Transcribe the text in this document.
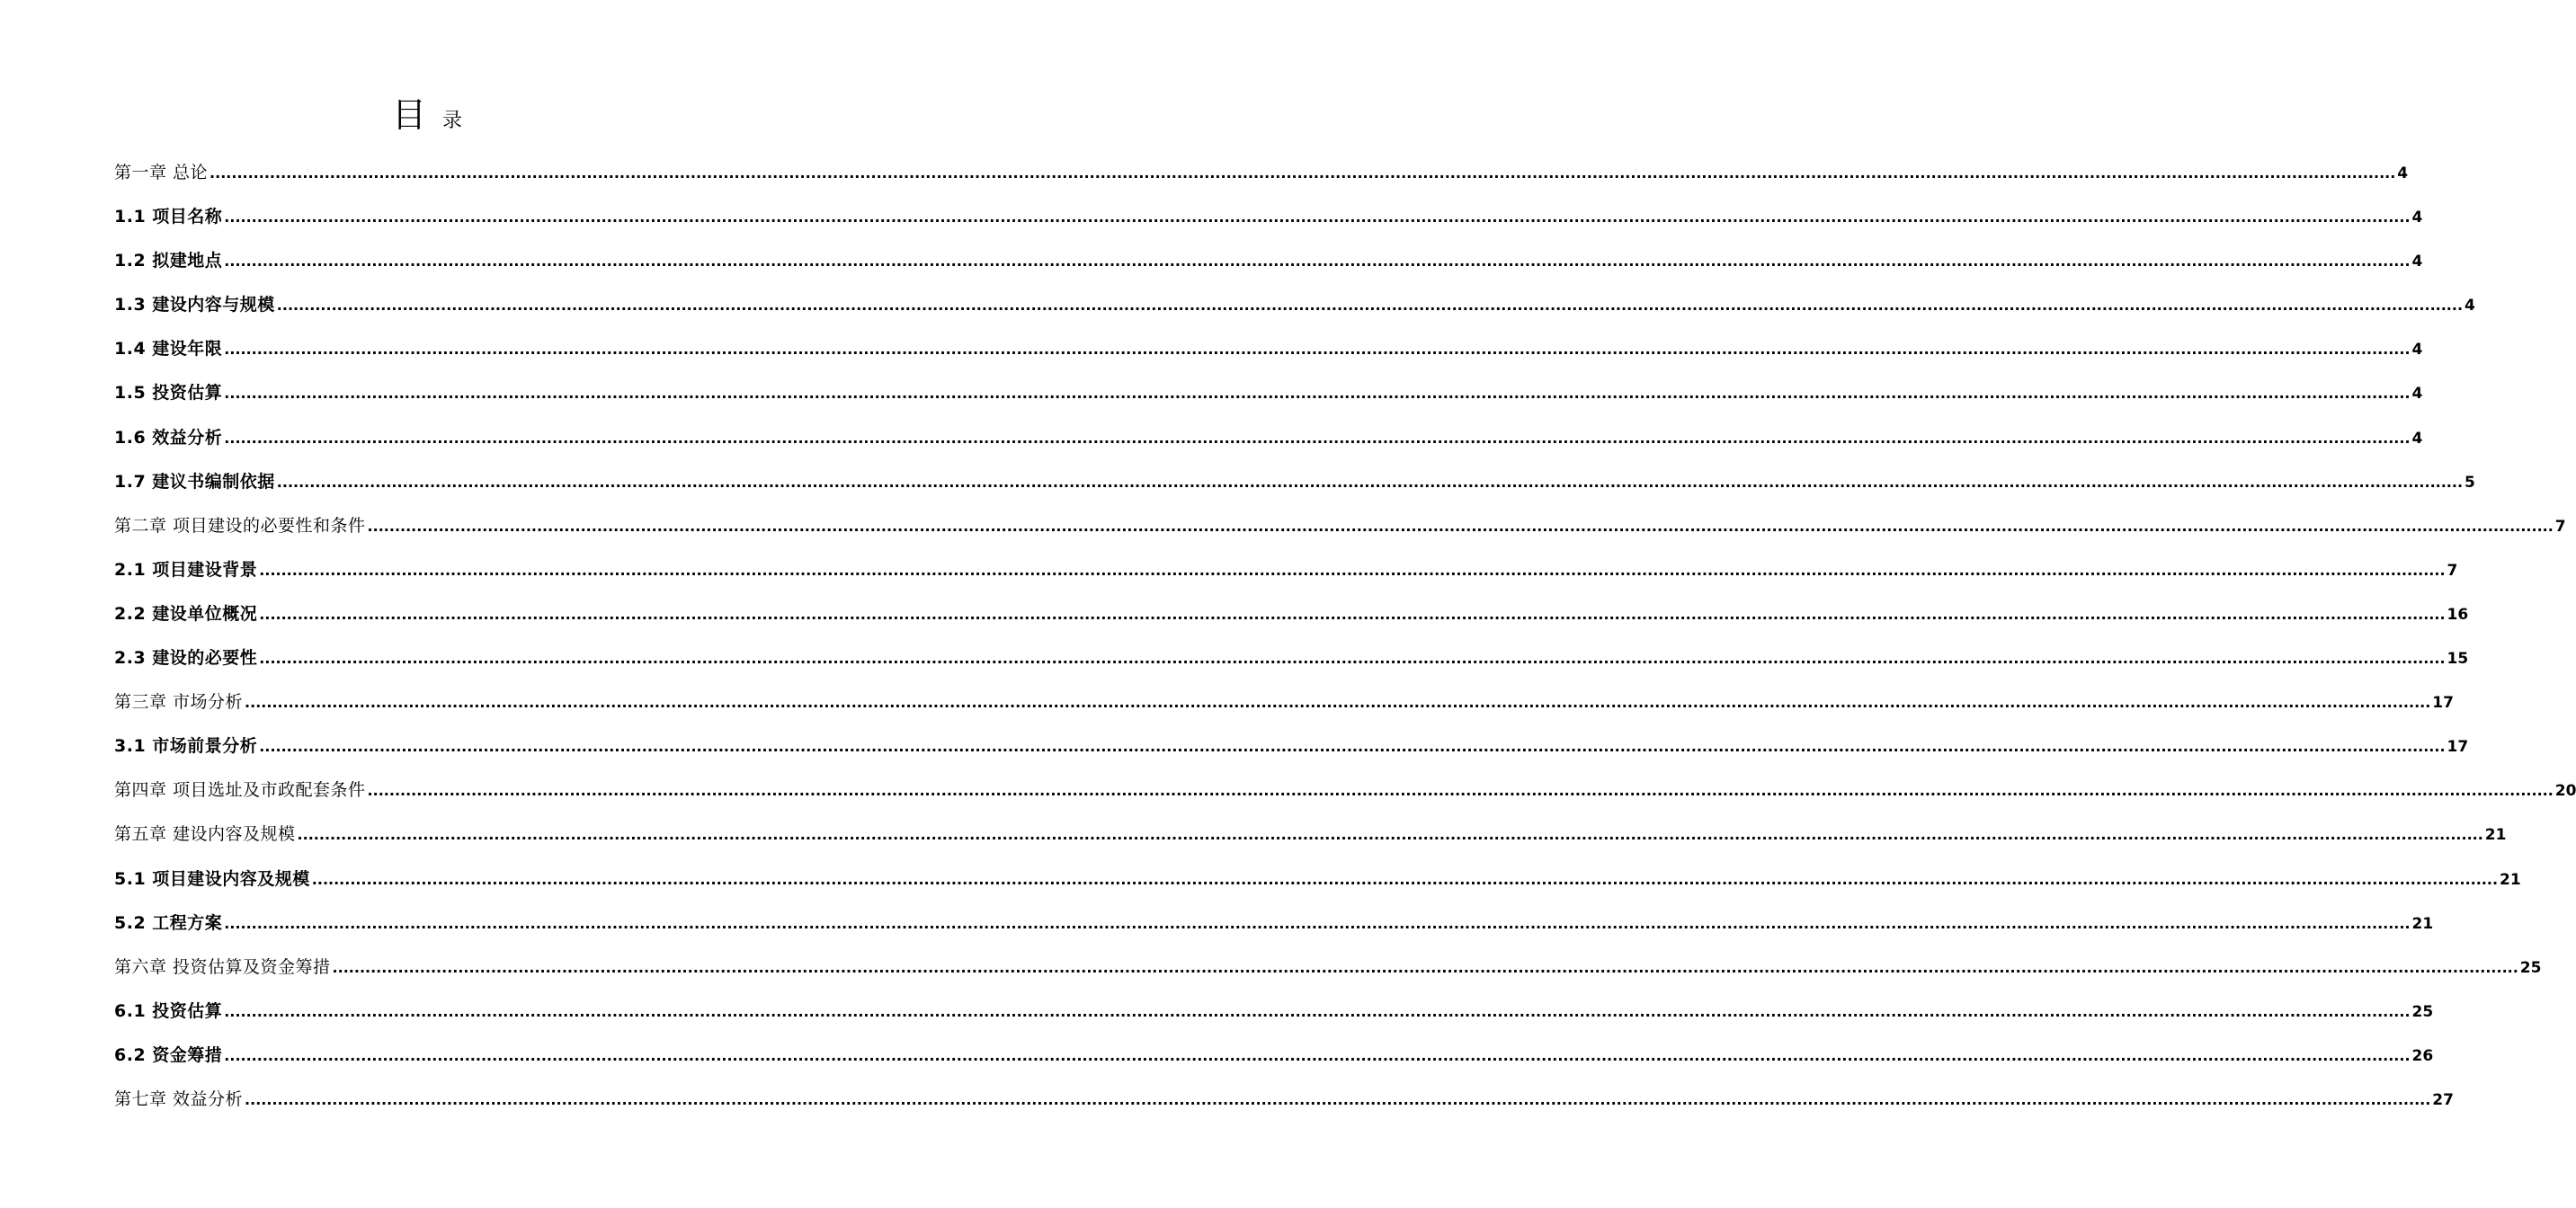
目录
第一章 总论 ................................................................................................................................................................................................................................................................................................................................................................................................................ 4
1.1 项目名称 ................................................................................................................................................................................................................................................................................................................................................................................................................ 4
1.2 拟建地点 ................................................................................................................................................................................................................................................................................................................................................................................................................ 4
1.3 建设内容与规模 ................................................................................................................................................................................................................................................................................................................................................................................................................ 4
1.4 建设年限 ................................................................................................................................................................................................................................................................................................................................................................................................................ 4
1.5 投资估算 ................................................................................................................................................................................................................................................................................................................................................................................................................ 4
1.6 效益分析 ................................................................................................................................................................................................................................................................................................................................................................................................................ 4
1.7 建议书编制依据 ................................................................................................................................................................................................................................................................................................................................................................................................................ 5
第二章 项目建设的必要性和条件 ................................................................................................................................................................................................................................................................................................................................................................................................................ 7
2.1 项目建设背景 ................................................................................................................................................................................................................................................................................................................................................................................................................ 7
2.2 建设单位概况 ................................................................................................................................................................................................................................................................................................................................................................................................................ 16
2.3 建设的必要性 ................................................................................................................................................................................................................................................................................................................................................................................................................ 15
第三章 市场分析 ................................................................................................................................................................................................................................................................................................................................................................................................................ 17
3.1 市场前景分析 ................................................................................................................................................................................................................................................................................................................................................................................................................ 17
第四章 项目选址及市政配套条件 ................................................................................................................................................................................................................................................................................................................................................................................................................ 20
第五章 建设内容及规模 ................................................................................................................................................................................................................................................................................................................................................................................................................ 21
5.1 项目建设内容及规模 ................................................................................................................................................................................................................................................................................................................................................................................................................ 21
5.2 工程方案 ................................................................................................................................................................................................................................................................................................................................................................................................................ 21
第六章 投资估算及资金筹措 ................................................................................................................................................................................................................................................................................................................................................................................................................ 25
6.1 投资估算 ................................................................................................................................................................................................................................................................................................................................................................................................................ 25
6.2 资金筹措 ................................................................................................................................................................................................................................................................................................................................................................................................................ 26
第七章 效益分析 ................................................................................................................................................................................................................................................................................................................................................................................................................ 27
